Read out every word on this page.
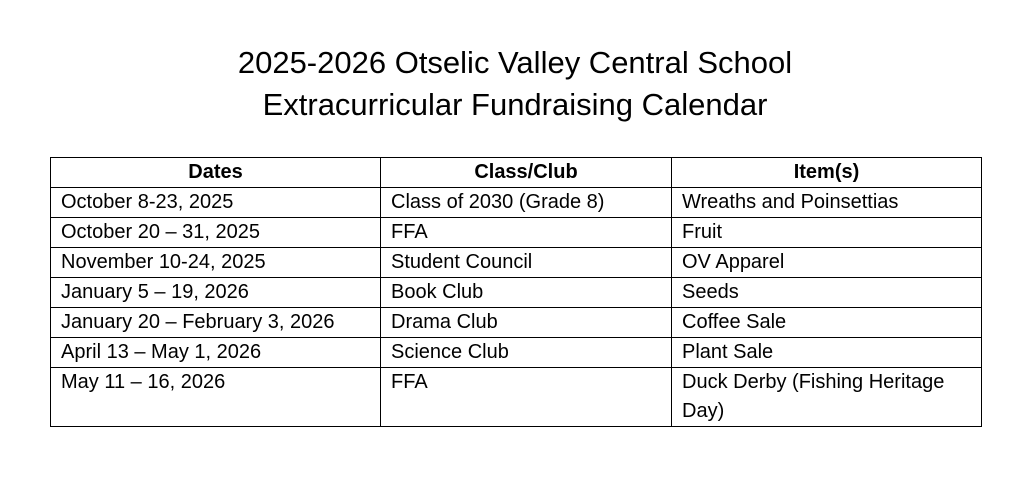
2025-2026 Otselic Valley Central School
Extracurricular Fundraising Calendar
Dates	Class/Club	Item(s)
October 8-23, 2025	Class of 2030 (Grade 8)	Wreaths and Poinsettias
October 20 – 31, 2025	FFA	Fruit
November 10-24, 2025	Student Council	OV Apparel
January 5 – 19, 2026	Book Club	Seeds
January 20 – February 3, 2026	Drama Club	Coffee Sale
April 13 – May 1, 2026	Science Club	Plant Sale
May 11 – 16, 2026	FFA	Duck Derby (Fishing Heritage Day)
